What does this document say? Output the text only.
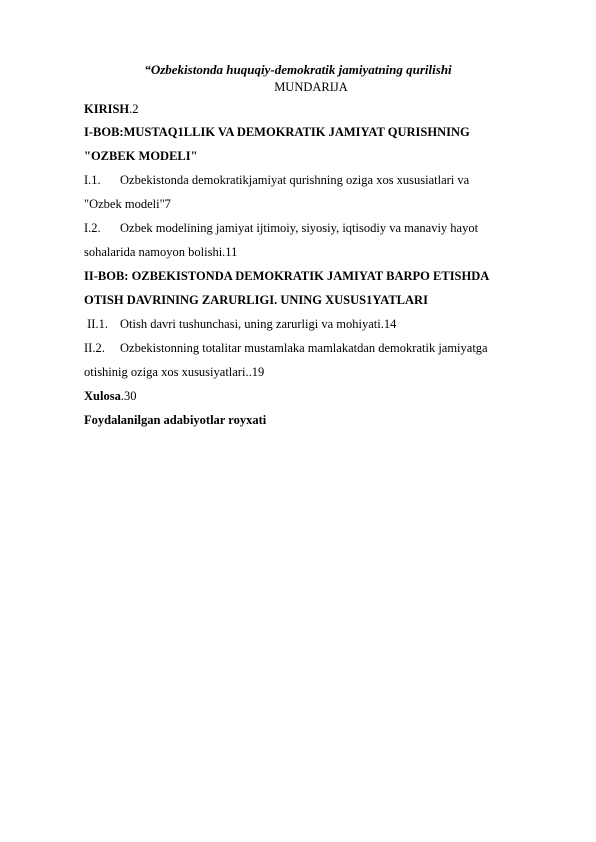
“Ozbekistonda huquqiy-demokratik jamiyatning qurilishi
MUNDARIJA
KIRISH.2
I-BOB:MUSTAQ1LLIK VA DEMOKRATIK JAMIYAT QURISHNING
"OZBEK MODELI"
I.1. Ozbekistonda demokratikjamiyat qurishning oziga xos xususiatlari va
"Ozbek modeli"7
I.2. Ozbek modelining jamiyat ijtimoiy, siyosiy, iqtisodiy va manaviy hayot
sohalarida namoyon bolishi.11
II-BOB: OZBEKISTONDA DEMOKRATIK JAMIYAT BARPO ETISHDA
OTISH DAVRINING ZARURLIGI. UNING XUSUS1YATLARI
II.1. Otish davri tushunchasi, uning zarurligi va mohiyati.14
II.2. Ozbekistonning totalitar mustamlaka mamlakatdan demokratik jamiyatga
otishinig oziga xos xususiyatlari..19
Xulosa.30
Foydalanilgan adabiyotlar royxati
